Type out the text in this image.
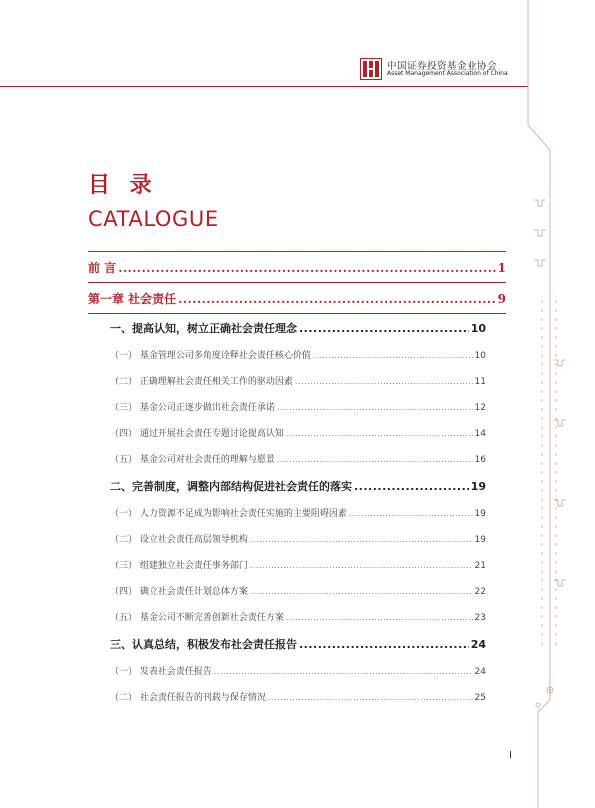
中国证券投资基金业协会
Asset Management Association of China
目 录
CATALOGUE
前 言 .....	1
第一章 社会责任 .....	9
一、提高认知，树立正确社会责任理念 .....	10
（一） 基金管理公司多角度诠释社会责任核心价值 .....	10
（二） 正确理解社会责任相关工作的驱动因素 .....	11
（三） 基金公司正逐步做出社会责任承诺 .....	12
（四） 通过开展社会责任专题讨论提高认知 .....	14
（五） 基金公司对社会责任的理解与愿景 .....	16
二、完善制度，调整内部结构促进社会责任的落实 .....	19
（一） 人力资源不足成为影响社会责任实施的主要阻碍因素 .....	19
（二） 设立社会责任高层领导机构 .....	19
（三） 组建独立社会责任事务部门 .....	21
（四） 确立社会责任计划总体方案 .....	22
（五） 基金公司不断完善创新社会责任方案 .....	23
三、认真总结，积极发布社会责任报告 .....	24
（一） 发表社会责任报告 .....	24
（二） 社会责任报告的刊载与保存情况 .....	25
I
